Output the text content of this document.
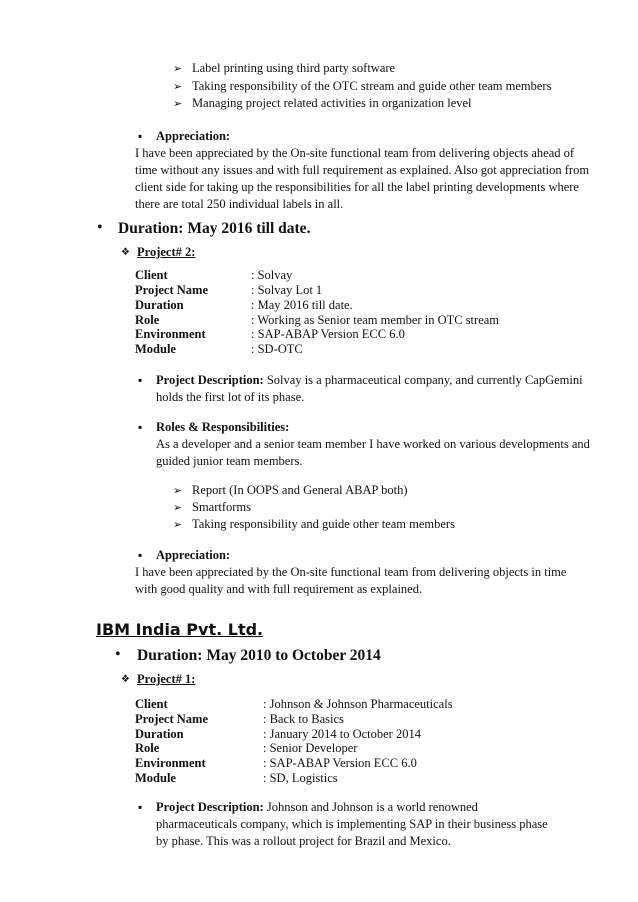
➢
Label printing using third party software
➢
Taking responsibility of the OTC stream and guide other team members
➢
Managing project related activities in organization level
▪
Appreciation:
I have been appreciated by the On-site functional team from delivering objects ahead of
time without any issues and with full requirement as explained. Also got appreciation from
client side for taking up the responsibilities for all the label printing developments where
there are total 250 individual labels in all.
•
Duration: May 2016 till date.
❖
Project# 2:
Client	: Solvay
Project Name	: Solvay Lot 1
Duration	: May 2016 till date.
Role	: Working as Senior team member in OTC stream
Environment	: SAP-ABAP Version ECC 6.0
Module	: SD-OTC
▪
Project Description: Solvay is a pharmaceutical company, and currently CapGemini
holds the first lot of its phase.
▪
Roles & Responsibilities:
As a developer and a senior team member I have worked on various developments and
guided junior team members.
➢
Report (In OOPS and General ABAP both)
➢
Smartforms
➢
Taking responsibility and guide other team members
▪
Appreciation:
I have been appreciated by the On-site functional team from delivering objects in time
with good quality and with full requirement as explained.
IBM India Pvt. Ltd.
•
Duration: May 2010 to October 2014
❖
Project# 1:
Client	: Johnson & Johnson Pharmaceuticals
Project Name	: Back to Basics
Duration	: January 2014 to October 2014
Role	: Senior Developer
Environment	: SAP-ABAP Version ECC 6.0
Module	: SD, Logistics
▪
Project Description: Johnson and Johnson is a world renowned
pharmaceuticals company, which is implementing SAP in their business phase
by phase. This was a rollout project for Brazil and Mexico.
